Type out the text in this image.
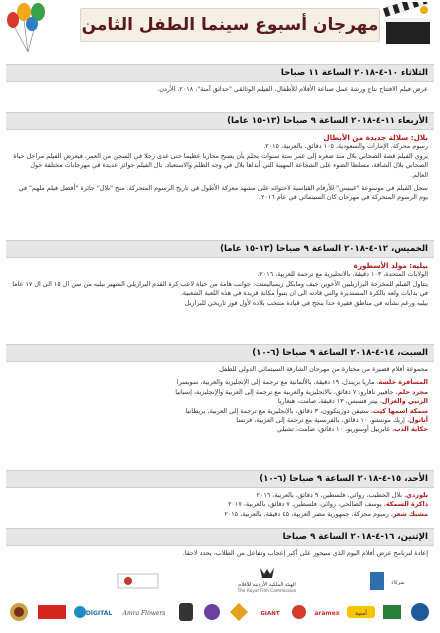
مهرجان أسبوع سينما الطفل الثامن
الثلاثاء ١٠-٤-٢٠١٨ الساعة ١١ صباحا

عرض فيلم الافتتاح نتاج ورشة عمل صناعة الأفلام للأطفال، الفيلم الوثائقي "حدائق آمنة"، ٢٠١٨، الأردن.

الأربعاء ١١-٤-٢٠١٨ الساعة ٩ صباحا (١٣-١٥ عاما)

بلال: سلالة جديدة من الأبطال

رسوم محركة، الإمارات والسعودية، ١٠٥ دقائق، بالعربية، ٢٠١٥.

يروي الفيلم قصة الصحابي بلال منذ صغره إلى عمر ستة سنوات يحلم بأن يصبح محاربا عظيما حتى غدى رجلا في السجن من العمر، فيعرض الفيلم مراحل حياة الصحابي بلال الشاقة، مسلطا الضوء على الشجاعة المهيبة التي أبداها بلال في وجه الظلم والاستعباد. نال الفيلم جوائز عديدة في مهرجانات مختلفة حول العالم.

سجل الفيلم في موسوعة "غينيس" للأرقام القياسية لاحتوائه على مشهد معركة الأطول في تاريخ الرسوم المتحركة. منح "بلال" جائزة "أفضل فيلم ملهم" في يوم الرسوم المتحركة في مهرجان كان السينمائي في عام ٢٠١٦.

الخميس، ١٢-٤-٢٠١٨ الساعة ٩ صباحا (١٣-١٥ عاما)

بيليه: مولد الأسطورة

الولايات المتحدة، ١٠٣ دقيقة، بالانجليزية مع ترجمة للعربية، ٢٠١٦.

يتناول الفيلم للمخرجة البرازيليين الأخوين جيف ومايكل زيمباليست، جوانب هامة من حياة لاعب كرة القدم البرازيلي الشهير بيليه من سن ال ١٥ الى ال ١٧ عاما في بدايات ولعه بالكرة المستديرة والتي قادته الى ان يتبوأ مكانة فريدة في هذه اللعبة الشعبية.

بيليه ورغم نشأته في مناطق فقيرة جدا ينجح في قيادة منتخب بلاده لأول فوز تاريخي للبرازيل

السبت، ١٤-٤-٢٠١٨ الساعة ٩ صباحا (٦-١٠)

مجموعة أفلام قصيرة من مختارة من مهرجان الشارقة السينمائي الدولي للطفل

المسافرة خلسة، ماريا بريندل، ١٩ دقيقة، بالألمانية مع ترجمة إلى الإنجليزية والعربية، سويسرا

مجرد حلم، جافيير نافارو، ٧ دقائق، بالانجليزية والعربية مع ترجمة إلى العربية والإنجليزية، إسبانيا

الزنبي والغزال، بيتر فسبس، ١٣ دقيقة، صامت، هنغاريا

سمكة اسمها كيث، ستيفن دوريتكوون، ٣ دقائق، بالإنجليزية مع ترجمة إلى العربية، بريطانيا

أناتول، إريك مونتشو، ١٠ دقائق، بالفرنسية مع ترجمة إلى العربية، فرنسا

حكاية الدب، غابرييل أوسوريو، ١٠ دقائق، صامت، تشيلي

الأحد، ١٥-٤-٢٠١٨ الساعة ٩ صباحا (٦-١٠)

بلوزدي، بلال الخطيب، روائي، فلسطين، ٩ دقائق، بالعربية، ٢٠١٦

ذاكرة السمكة، يوسف الصالحي، روائي، فلسطين، ٧ دقائق، بالعربية، ٢٠١٧

مشبك شعر، رسوم محركة، جمهورية مصر العربية، ٤٥ دقيقة، بالعربية، ٢٠١٥

الإثنين، ١٦-٤-٢٠١٨ الساعة ٩ صباحا

إعادة لبرنامج عرض أفلام اليوم الذي سيحوز على أكبر إعجاب وتفاعل من الطلاب، يحدد لاحقا.

الهيئة الملكية الأردنية للأفلام
The Royal Film Commission
شركاء
DIGITAL Amra Flowers	GIANT	aramex	أمنية
